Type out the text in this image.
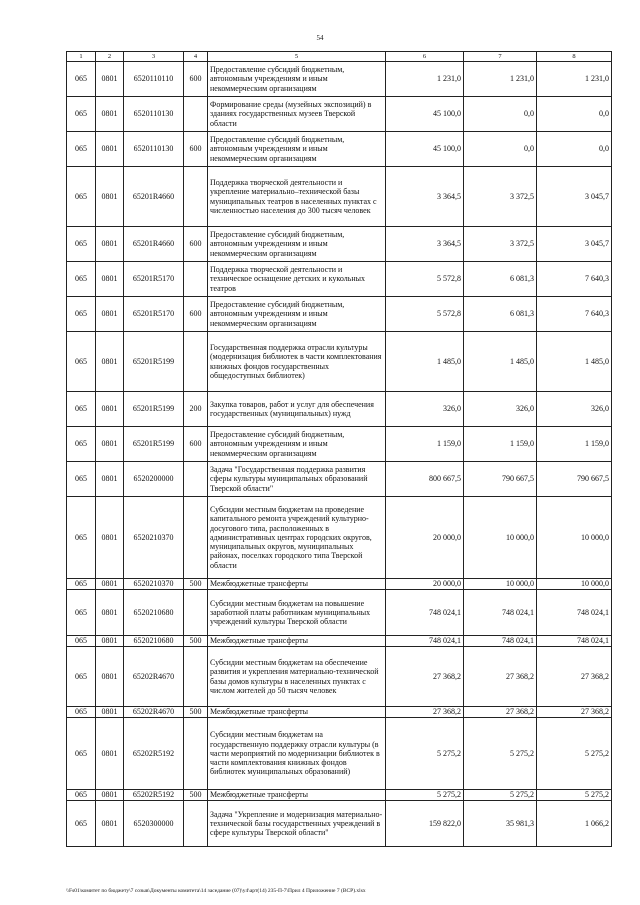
54
1	2	3	4	5	6	7	8
065	0801	6520110110	600	Предоставление субсидий бюджетным, автономным учреждениям и иным некоммерческим организациям	1 231,0	1 231,0	1 231,0
065	0801	6520110130		Формирование среды (музейных экспозиций) в зданиях государственных музеев Тверской области	45 100,0	0,0	0,0
065	0801	6520110130	600	Предоставление субсидий бюджетным, автономным учреждениям и иным некоммерческим организациям	45 100,0	0,0	0,0
065	0801	65201R4660		Поддержка творческой деятельности и укрепление материально–технической базы муниципальных театров в населенных пунктах с численностью населения до 300 тысяч человек	3 364,5	3 372,5	3 045,7
065	0801	65201R4660	600	Предоставление субсидий бюджетным, автономным учреждениям и иным некоммерческим организациям	3 364,5	3 372,5	3 045,7
065	0801	65201R5170		Поддержка творческой деятельности и техническое оснащение детских и кукольных театров	5 572,8	6 081,3	7 640,3
065	0801	65201R5170	600	Предоставление субсидий бюджетным, автономным учреждениям и иным некоммерческим организациям	5 572,8	6 081,3	7 640,3
065	0801	65201R5199		Государственная поддержка отрасли культуры (модернизация библиотек в части комплектования книжных фондов государственных общедоступных библиотек)	1 485,0	1 485,0	1 485,0
065	0801	65201R5199	200	Закупка товаров, работ и услуг для обеспечения государственных (муниципальных) нужд	326,0	326,0	326,0
065	0801	65201R5199	600	Предоставление субсидий бюджетным, автономным учреждениям и иным некоммерческим организациям	1 159,0	1 159,0	1 159,0
065	0801	6520200000		Задача "Государственная поддержка развития сферы культуры муниципальных образований Тверской области"	800 667,5	790 667,5	790 667,5
065	0801	6520210370		Субсидии местным бюджетам на проведение капитального ремонта учреждений культурно-досугового типа, расположенных в административных центрах городских округов, муниципальных округов, муниципальных районах, поселках городского типа Тверской области	20 000,0	10 000,0	10 000,0
065	0801	6520210370	500	Межбюджетные трансферты	20 000,0	10 000,0	10 000,0
065	0801	6520210680		Субсидии местным бюджетам на повышение заработной платы работникам муниципальных учреждений культуры Тверской области	748 024,1	748 024,1	748 024,1
065	0801	6520210680	500	Межбюджетные трансферты	748 024,1	748 024,1	748 024,1
065	0801	65202R4670		Субсидии местным бюджетам на обеспечение развития и укрепления материально-технической базы домов культуры в населенных пунктах с числом жителей до 50 тысяч человек	27 368,2	27 368,2	27 368,2
065	0801	65202R4670	500	Межбюджетные трансферты	27 368,2	27 368,2	27 368,2
065	0801	65202R5192		Субсидии местным бюджетам на государственную поддержку отрасли культуры (в части мероприятий по модернизации библиотек в части комплектования книжных фондов библиотек муниципальных образований)	5 275,2	5 275,2	5 275,2
065	0801	65202R5192	500	Межбюджетные трансферты	5 275,2	5 275,2	5 275,2
065	0801	6520300000		Задача "Укрепление и модернизация материально-технической базы государственных учреждений в сфере культуры Тверской области"	159 822,0	35 981,3	1 066,2
\\Fs01\комитет по бюджету\7 созыв\Документы комитета\14 заседание (07)\у4\арт(14) 235-П-7\Прил 4 Приложение 7 (ВСР).xlsx
